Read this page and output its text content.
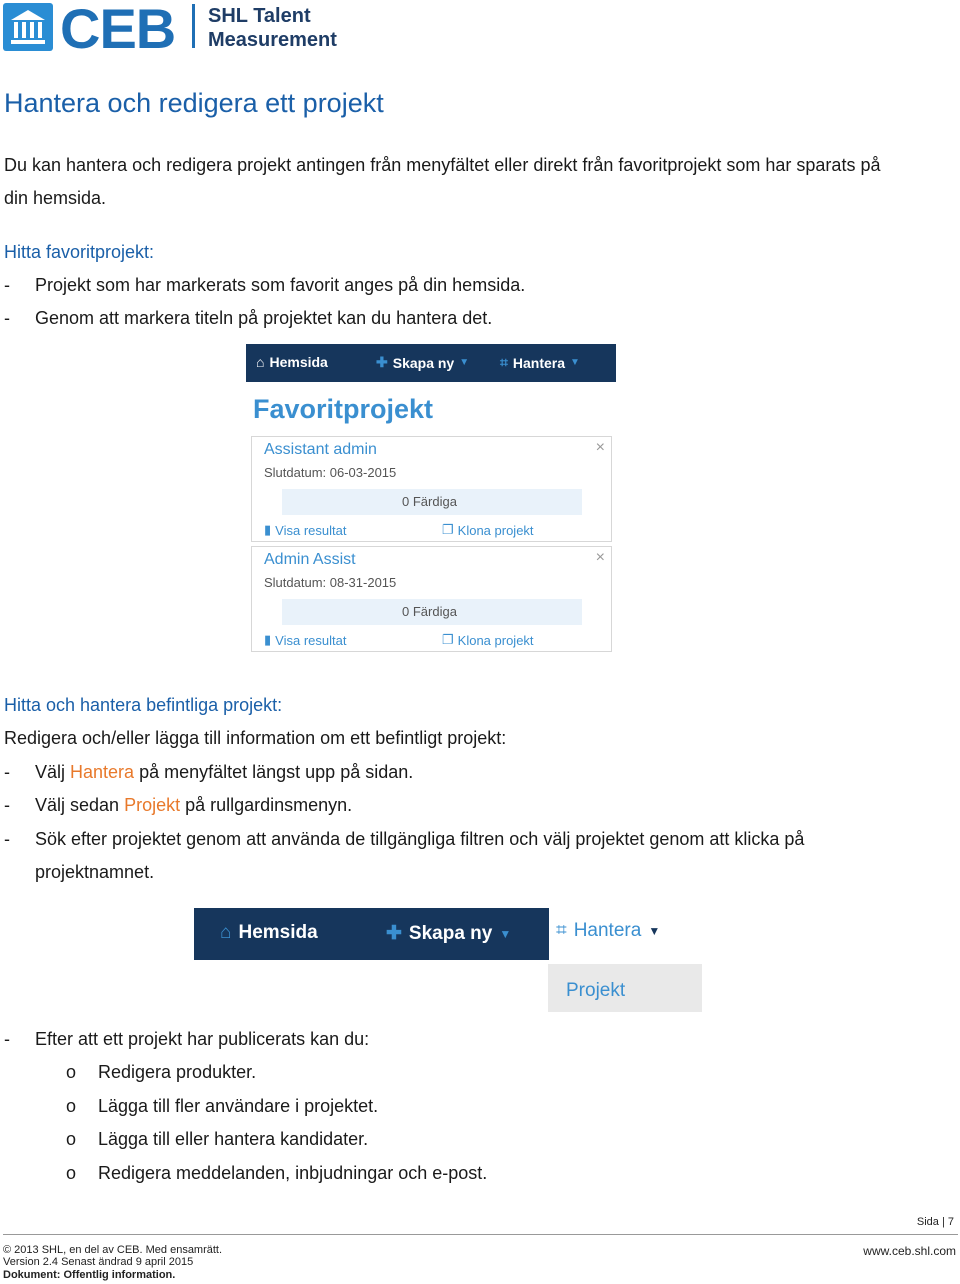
CEB SHL Talent
Measurement
Hantera och redigera ett projekt
Du kan hantera och redigera projekt antingen från menyfältet eller direkt från favoritprojekt som har sparats på
din hemsida.
Hitta favoritprojekt:
- Projekt som har markerats som favorit anges på din hemsida.
- Genom att markera titeln på projektet kan du hantera det.
⌂ Hemsida	✚ Skapa ny ▼ ⌗ Hantera ▼
Favoritprojekt
Assistant admin	×
Slutdatum: 06-03-2015
0 Färdiga
▮ Visa resultat	❐ Klona projekt
Admin Assist	×
Slutdatum: 08-31-2015
0 Färdiga
▮ Visa resultat	❐ Klona projekt
Hitta och hantera befintliga projekt:
Redigera och/eller lägga till information om ett befintligt projekt:
- Välj Hantera på menyfältet längst upp på sidan.
- Välj sedan Projekt på rullgardinsmenyn.
- Sök efter projektet genom att använda de tillgängliga filtren och välj projektet genom att klicka på
projektnamnet.
⌂ Hemsida	✚ Skapa ny ▼ ⌗ Hantera ▼
Projekt
- Efter att ett projekt har publicerats kan du:
o Redigera produkter.
o Lägga till fler användare i projektet.
o Lägga till eller hantera kandidater.
o Redigera meddelanden, inbjudningar och e-post.
Sida | 7
© 2013 SHL, en del av CEB. Med ensamrätt.	www.ceb.shl.com
Version 2.4 Senast ändrad 9 april 2015
Dokument: Offentlig information.
